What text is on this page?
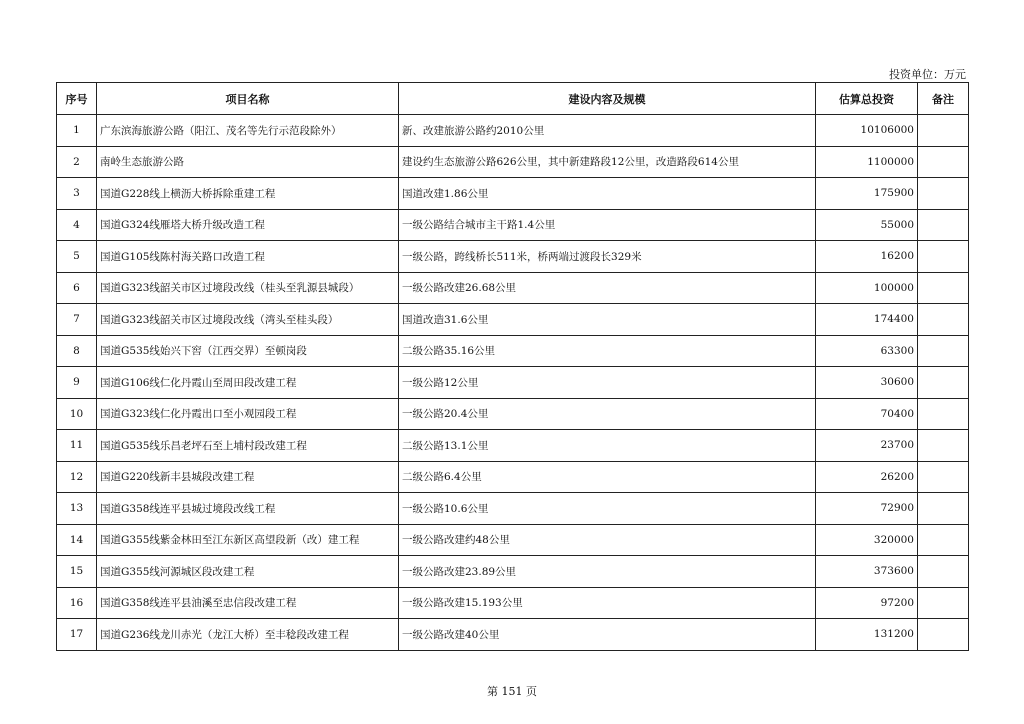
投资单位：万元
序号	项目名称	建设内容及规模	估算总投资	备注
1	广东滨海旅游公路（阳江、茂名等先行示范段除外）	新、改建旅游公路约2010公里	10106000	
2	南岭生态旅游公路	建设约生态旅游公路626公里，其中新建路段12公里，改造路段614公里	1100000	
3	国道G228线上横沥大桥拆除重建工程	国道改建1.86公里	175900	
4	国道G324线雁塔大桥升级改造工程	一级公路结合城市主干路1.4公里	55000	
5	国道G105线陈村海关路口改造工程	一级公路，跨线桥长511米，桥两端过渡段长329米	16200	
6	国道G323线韶关市区过境段改线（桂头至乳源县城段）	一级公路改建26.68公里	100000	
7	国道G323线韶关市区过境段改线（湾头至桂头段）	国道改造31.6公里	174400	
8	国道G535线始兴下窖（江西交界）至顿岗段	二级公路35.16公里	63300	
9	国道G106线仁化丹霞山至周田段改建工程	一级公路12公里	30600	
10	国道G323线仁化丹霞出口至小观园段工程	一级公路20.4公里	70400	
11	国道G535线乐昌老坪石至上埔村段改建工程	二级公路13.1公里	23700	
12	国道G220线新丰县城段改建工程	二级公路6.4公里	26200	
13	国道G358线连平县城过境段改线工程	一级公路10.6公里	72900	
14	国道G355线紫金林田至江东新区高望段新（改）建工程	一级公路改建约48公里	320000	
15	国道G355线河源城区段改建工程	一级公路改建23.89公里	373600	
16	国道G358线连平县油溪至忠信段改建工程	一级公路改建15.193公里	97200	
17	国道G236线龙川赤光（龙江大桥）至丰稔段改建工程	一级公路改建40公里	131200	
第 151 页
